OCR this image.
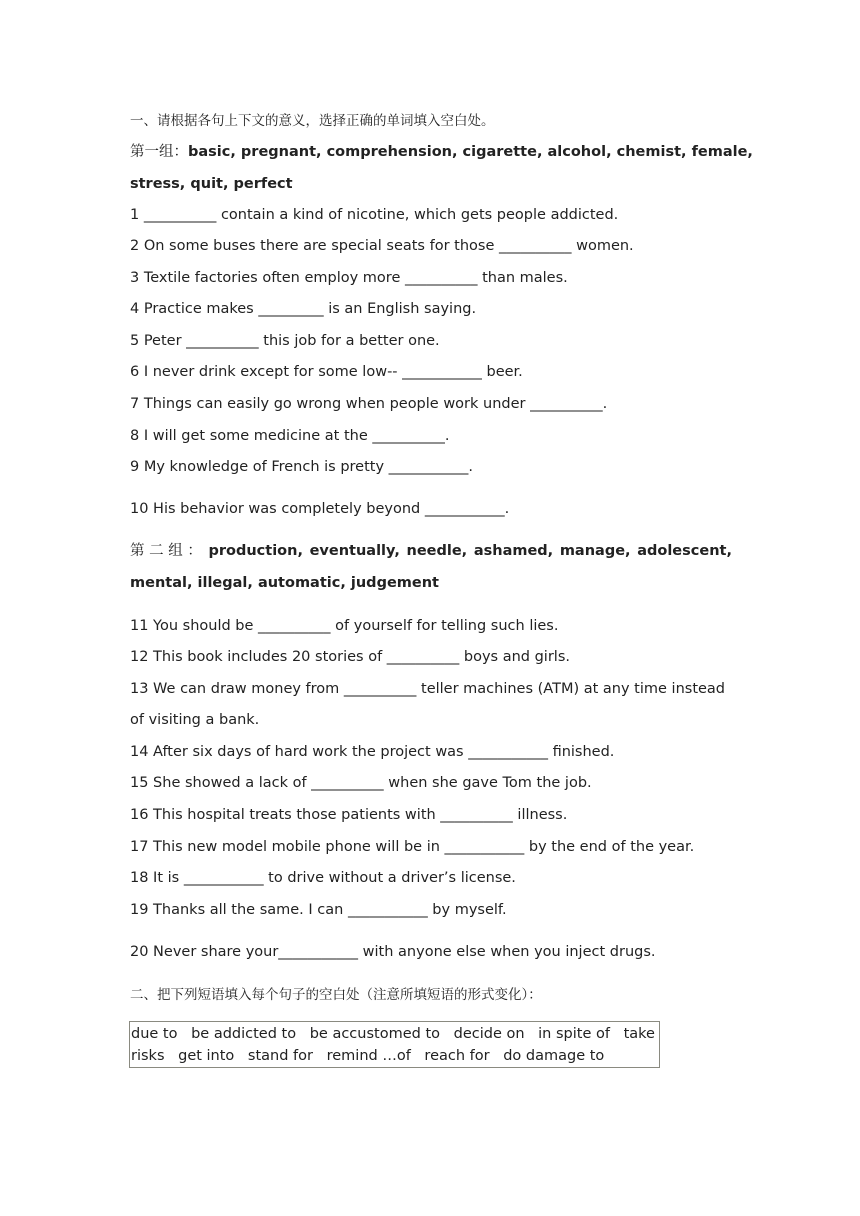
一、请根据各句上下文的意义，选择正确的单词填入空白处。
第一组：basic, pregnant, comprehension, cigarette, alcohol, chemist, female,
stress, quit, perfect
1 __________ contain a kind of nicotine, which gets people addicted.
2 On some buses there are special seats for those __________ women.
3 Textile factories often employ more __________ than males.
4 Practice makes _________ is an English saying.
5 Peter __________ this job for a better one.
6 I never drink except for some low-- ___________ beer.
7 Things can easily go wrong when people work under __________.
8 I will get some medicine at the __________.
9 My knowledge of French is pretty ___________.
10 His behavior was completely beyond ___________.
第 二 组 ： production, eventually, needle, ashamed, manage, adolescent,
mental, illegal, automatic, judgement
11 You should be __________ of yourself for telling such lies.
12 This book includes 20 stories of __________ boys and girls.
13 We can draw money from __________ teller machines (ATM) at any time instead
of visiting a bank.
14 After six days of hard work the project was ___________ finished.
15 She showed a lack of __________ when she gave Tom the job.
16 This hospital treats those patients with __________ illness.
17 This new model mobile phone will be in ___________ by the end of the year.
18 It is ___________ to drive without a driver’s license.
19 Thanks all the same. I can ___________ by myself.
20 Never share your___________ with anyone else when you inject drugs.
二、把下列短语填入每个句子的空白处（注意所填短语的形式变化）：
due to be addicted to be accustomed to decide on in spite of take
risks get into stand for remind …of reach for do damage to
